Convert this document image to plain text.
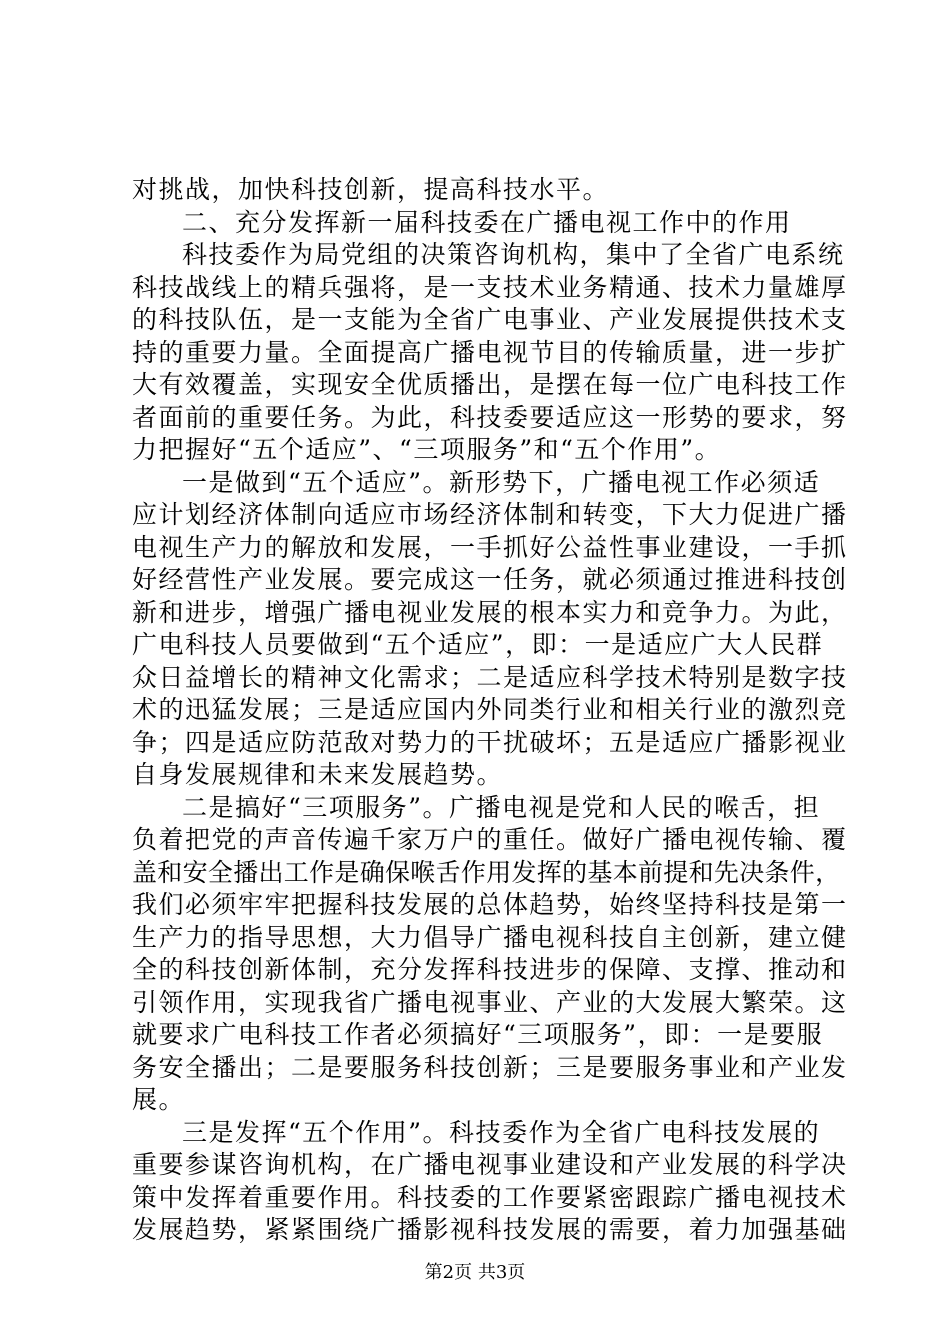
对挑战，加快科技创新，提高科技水平。
二、充分发挥新一届科技委在广播电视工作中的作用
科技委作为局党组的决策咨询机构，集中了全省广电系统
科技战线上的精兵强将，是一支技术业务精通、技术力量雄厚
的科技队伍，是一支能为全省广电事业、产业发展提供技术支
持的重要力量。全面提高广播电视节目的传输质量，进一步扩
大有效覆盖，实现安全优质播出，是摆在每一位广电科技工作
者面前的重要任务。为此，科技委要适应这一形势的要求，努
力把握好“五个适应”、“三项服务”和“五个作用”。
一是做到“五个适应”。新形势下，广播电视工作必须适
应计划经济体制向适应市场经济体制和转变，下大力促进广播
电视生产力的解放和发展，一手抓好公益性事业建设，一手抓
好经营性产业发展。要完成这一任务，就必须通过推进科技创
新和进步，增强广播电视业发展的根本实力和竞争力。为此，
广电科技人员要做到“五个适应”，即：一是适应广大人民群
众日益增长的精神文化需求；二是适应科学技术特别是数字技
术的迅猛发展；三是适应国内外同类行业和相关行业的激烈竞
争；四是适应防范敌对势力的干扰破坏；五是适应广播影视业
自身发展规律和未来发展趋势。
二是搞好“三项服务”。广播电视是党和人民的喉舌，担
负着把党的声音传遍千家万户的重任。做好广播电视传输、覆
盖和安全播出工作是确保喉舌作用发挥的基本前提和先决条件，
我们必须牢牢把握科技发展的总体趋势，始终坚持科技是第一
生产力的指导思想，大力倡导广播电视科技自主创新，建立健
全的科技创新体制，充分发挥科技进步的保障、支撑、推动和
引领作用，实现我省广播电视事业、产业的大发展大繁荣。这
就要求广电科技工作者必须搞好“三项服务”，即：一是要服
务安全播出；二是要服务科技创新；三是要服务事业和产业发
展。
三是发挥“五个作用”。科技委作为全省广电科技发展的
重要参谋咨询机构，在广播电视事业建设和产业发展的科学决
策中发挥着重要作用。科技委的工作要紧密跟踪广播电视技术
发展趋势，紧紧围绕广播影视科技发展的需要，着力加强基础
第2页 共3页
